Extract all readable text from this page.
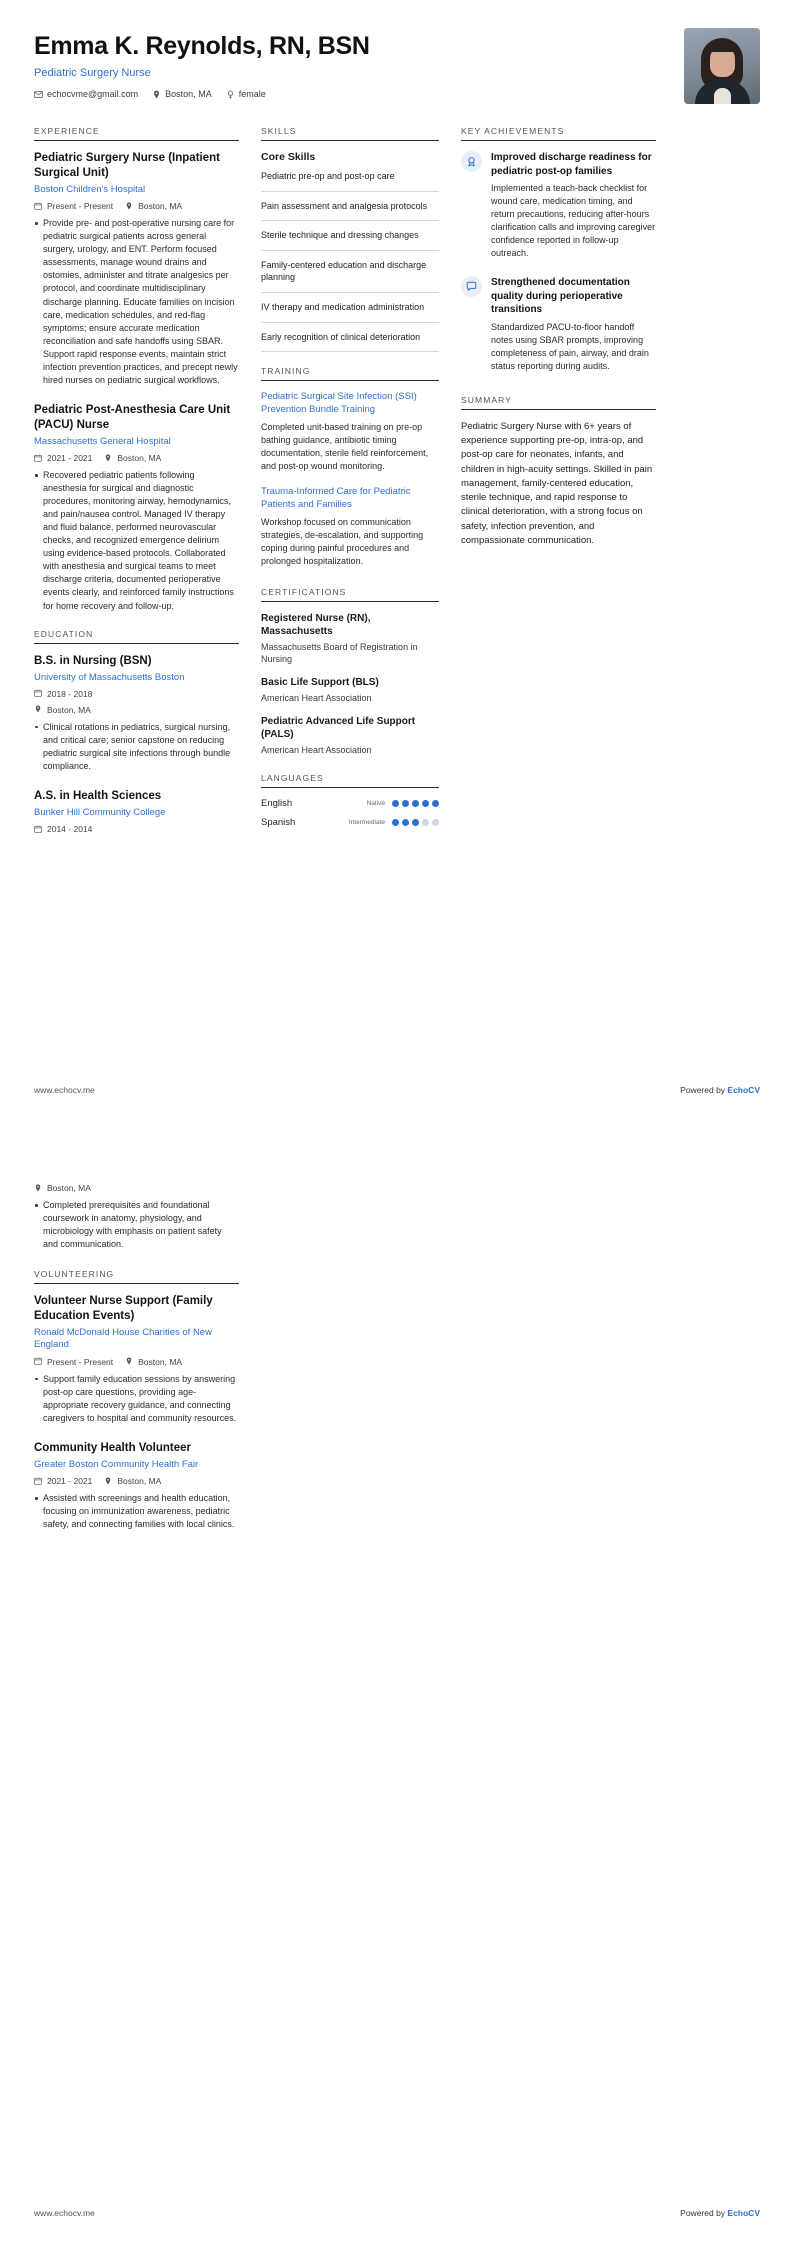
Emma K. Reynolds, RN, BSN
Pediatric Surgery Nurse
echocvme@gmail.com	Boston, MA	female
EXPERIENCE
Pediatric Surgery Nurse (Inpatient Surgical Unit)
Boston Children's Hospital
Present - Present	Boston, MA
Provide pre- and post-operative nursing care for pediatric surgical patients across general surgery, urology, and ENT. Perform focused assessments, manage wound drains and ostomies, administer and titrate analgesics per protocol, and coordinate multidisciplinary discharge planning. Educate families on incision care, medication schedules, and red-flag symptoms; ensure accurate medication reconciliation and safe handoffs using SBAR. Support rapid response events, maintain strict infection prevention practices, and precept newly hired nurses on pediatric surgical workflows.
Pediatric Post-Anesthesia Care Unit (PACU) Nurse
Massachusetts General Hospital
2021 - 2021	Boston, MA
Recovered pediatric patients following anesthesia for surgical and diagnostic procedures, monitoring airway, hemodynamics, and pain/nausea control. Managed IV therapy and fluid balance, performed neurovascular checks, and recognized emergence delirium using evidence-based protocols. Collaborated with anesthesia and surgical teams to meet discharge criteria, documented perioperative events clearly, and reinforced family instructions for home recovery and follow-up.
EDUCATION
B.S. in Nursing (BSN)
University of Massachusetts Boston
2018 - 2018
Boston, MA
Clinical rotations in pediatrics, surgical nursing, and critical care; senior capstone on reducing pediatric surgical site infections through bundle compliance.
A.S. in Health Sciences
Bunker Hill Community College
2014 - 2014
SKILLS
Core Skills
Pediatric pre-op and post-op care
Pain assessment and analgesia protocols
Sterile technique and dressing changes
Family-centered education and discharge planning
IV therapy and medication administration
Early recognition of clinical deterioration
TRAINING
Pediatric Surgical Site Infection (SSI) Prevention Bundle Training
Completed unit-based training on pre-op bathing guidance, antibiotic timing documentation, sterile field reinforcement, and post-op wound monitoring.
Trauma-Informed Care for Pediatric Patients and Families
Workshop focused on communication strategies, de-escalation, and supporting coping during painful procedures and prolonged hospitalization.
CERTIFICATIONS
Registered Nurse (RN), Massachusetts
Massachusetts Board of Registration in Nursing
Basic Life Support (BLS)
American Heart Association
Pediatric Advanced Life Support (PALS)
American Heart Association
LANGUAGES
English	Native
Spanish	Intermediate
KEY ACHIEVEMENTS
Improved discharge readiness for pediatric post-op families
Implemented a teach-back checklist for wound care, medication timing, and return precautions, reducing after-hours clarification calls and improving caregiver confidence reported in follow-up outreach.
Strengthened documentation quality during perioperative transitions
Standardized PACU-to-floor handoff notes using SBAR prompts, improving completeness of pain, airway, and drain status reporting during audits.
SUMMARY
Pediatric Surgery Nurse with 6+ years of experience supporting pre-op, intra-op, and post-op care for neonates, infants, and children in high-acuity settings. Skilled in pain management, family-centered education, sterile technique, and rapid response to clinical deterioration, with a strong focus on safety, infection prevention, and compassionate communication.
www.echocv.me	Powered by EchoCV
Boston, MA
Completed prerequisites and foundational coursework in anatomy, physiology, and microbiology with emphasis on patient safety and communication.
VOLUNTEERING
Volunteer Nurse Support (Family Education Events)
Ronald McDonald House Charities of New England
Present - Present	Boston, MA
Support family education sessions by answering post-op care questions, providing age-appropriate recovery guidance, and connecting caregivers to hospital and community resources.
Community Health Volunteer
Greater Boston Community Health Fair
2021 - 2021	Boston, MA
Assisted with screenings and health education, focusing on immunization awareness, pediatric safety, and connecting families with local clinics.
www.echocv.me	Powered by EchoCV
